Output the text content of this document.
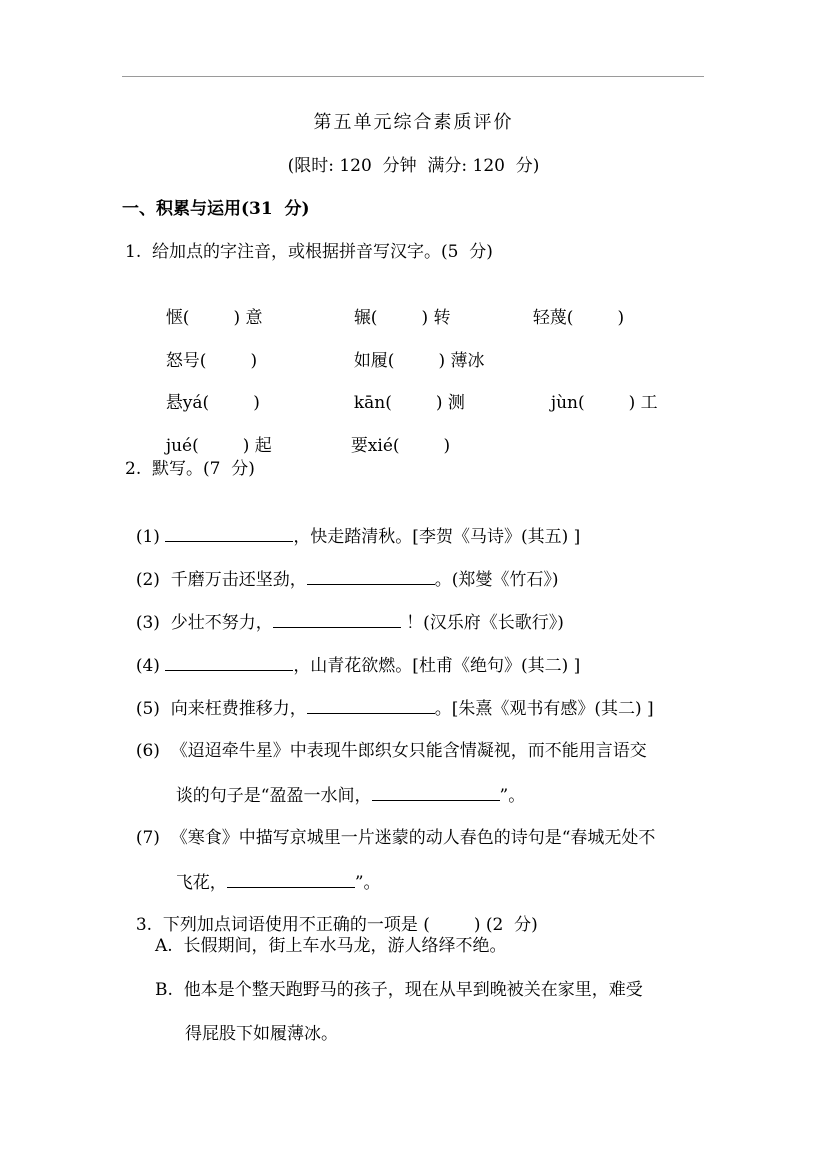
第五单元综合素质评价
(限时: 120  分钟  满分: 120  分)
一、积累与运用(31  分)
1.  给加点的字注音，或根据拼音写汉字。(5  分)

惬(	) 意	辗(	) 转	轻蔑(	)

怒号(	)	如履(	) 薄冰

悬yá(	)	kān(	) 测	jùn(	) 工

jué(	) 起	要xié(	)

2.  默写。(7  分)

(1)	，快走踏清秋。[李贺《马诗》(其五) ]

(2) 千磨万击还坚劲，	。(郑燮《竹石》)

(3) 少壮不努力，	！(汉乐府《长歌行》)

(4)	，山青花欲燃。[杜甫《绝句》(其二) ]

(5) 向来枉费推移力，	。[朱熹《观书有感》(其二) ]

(6) 《迢迢牵牛星》中表现牛郎织女只能含情凝视，而不能用言语交

谈的句子是“盈盈一水间，	”。

(7) 《寒食》中描写京城里一片迷蒙的动人春色的诗句是“春城无处不

飞花，	”。

3.  下列加点词语使用不正确的一项是 (	) (2  分)

A.  长假期间，街上车水马龙，游人络绎不绝。
B.  他本是个整天跑野马的孩子，现在从早到晚被关在家里，难受
得屁股下如履薄冰。
